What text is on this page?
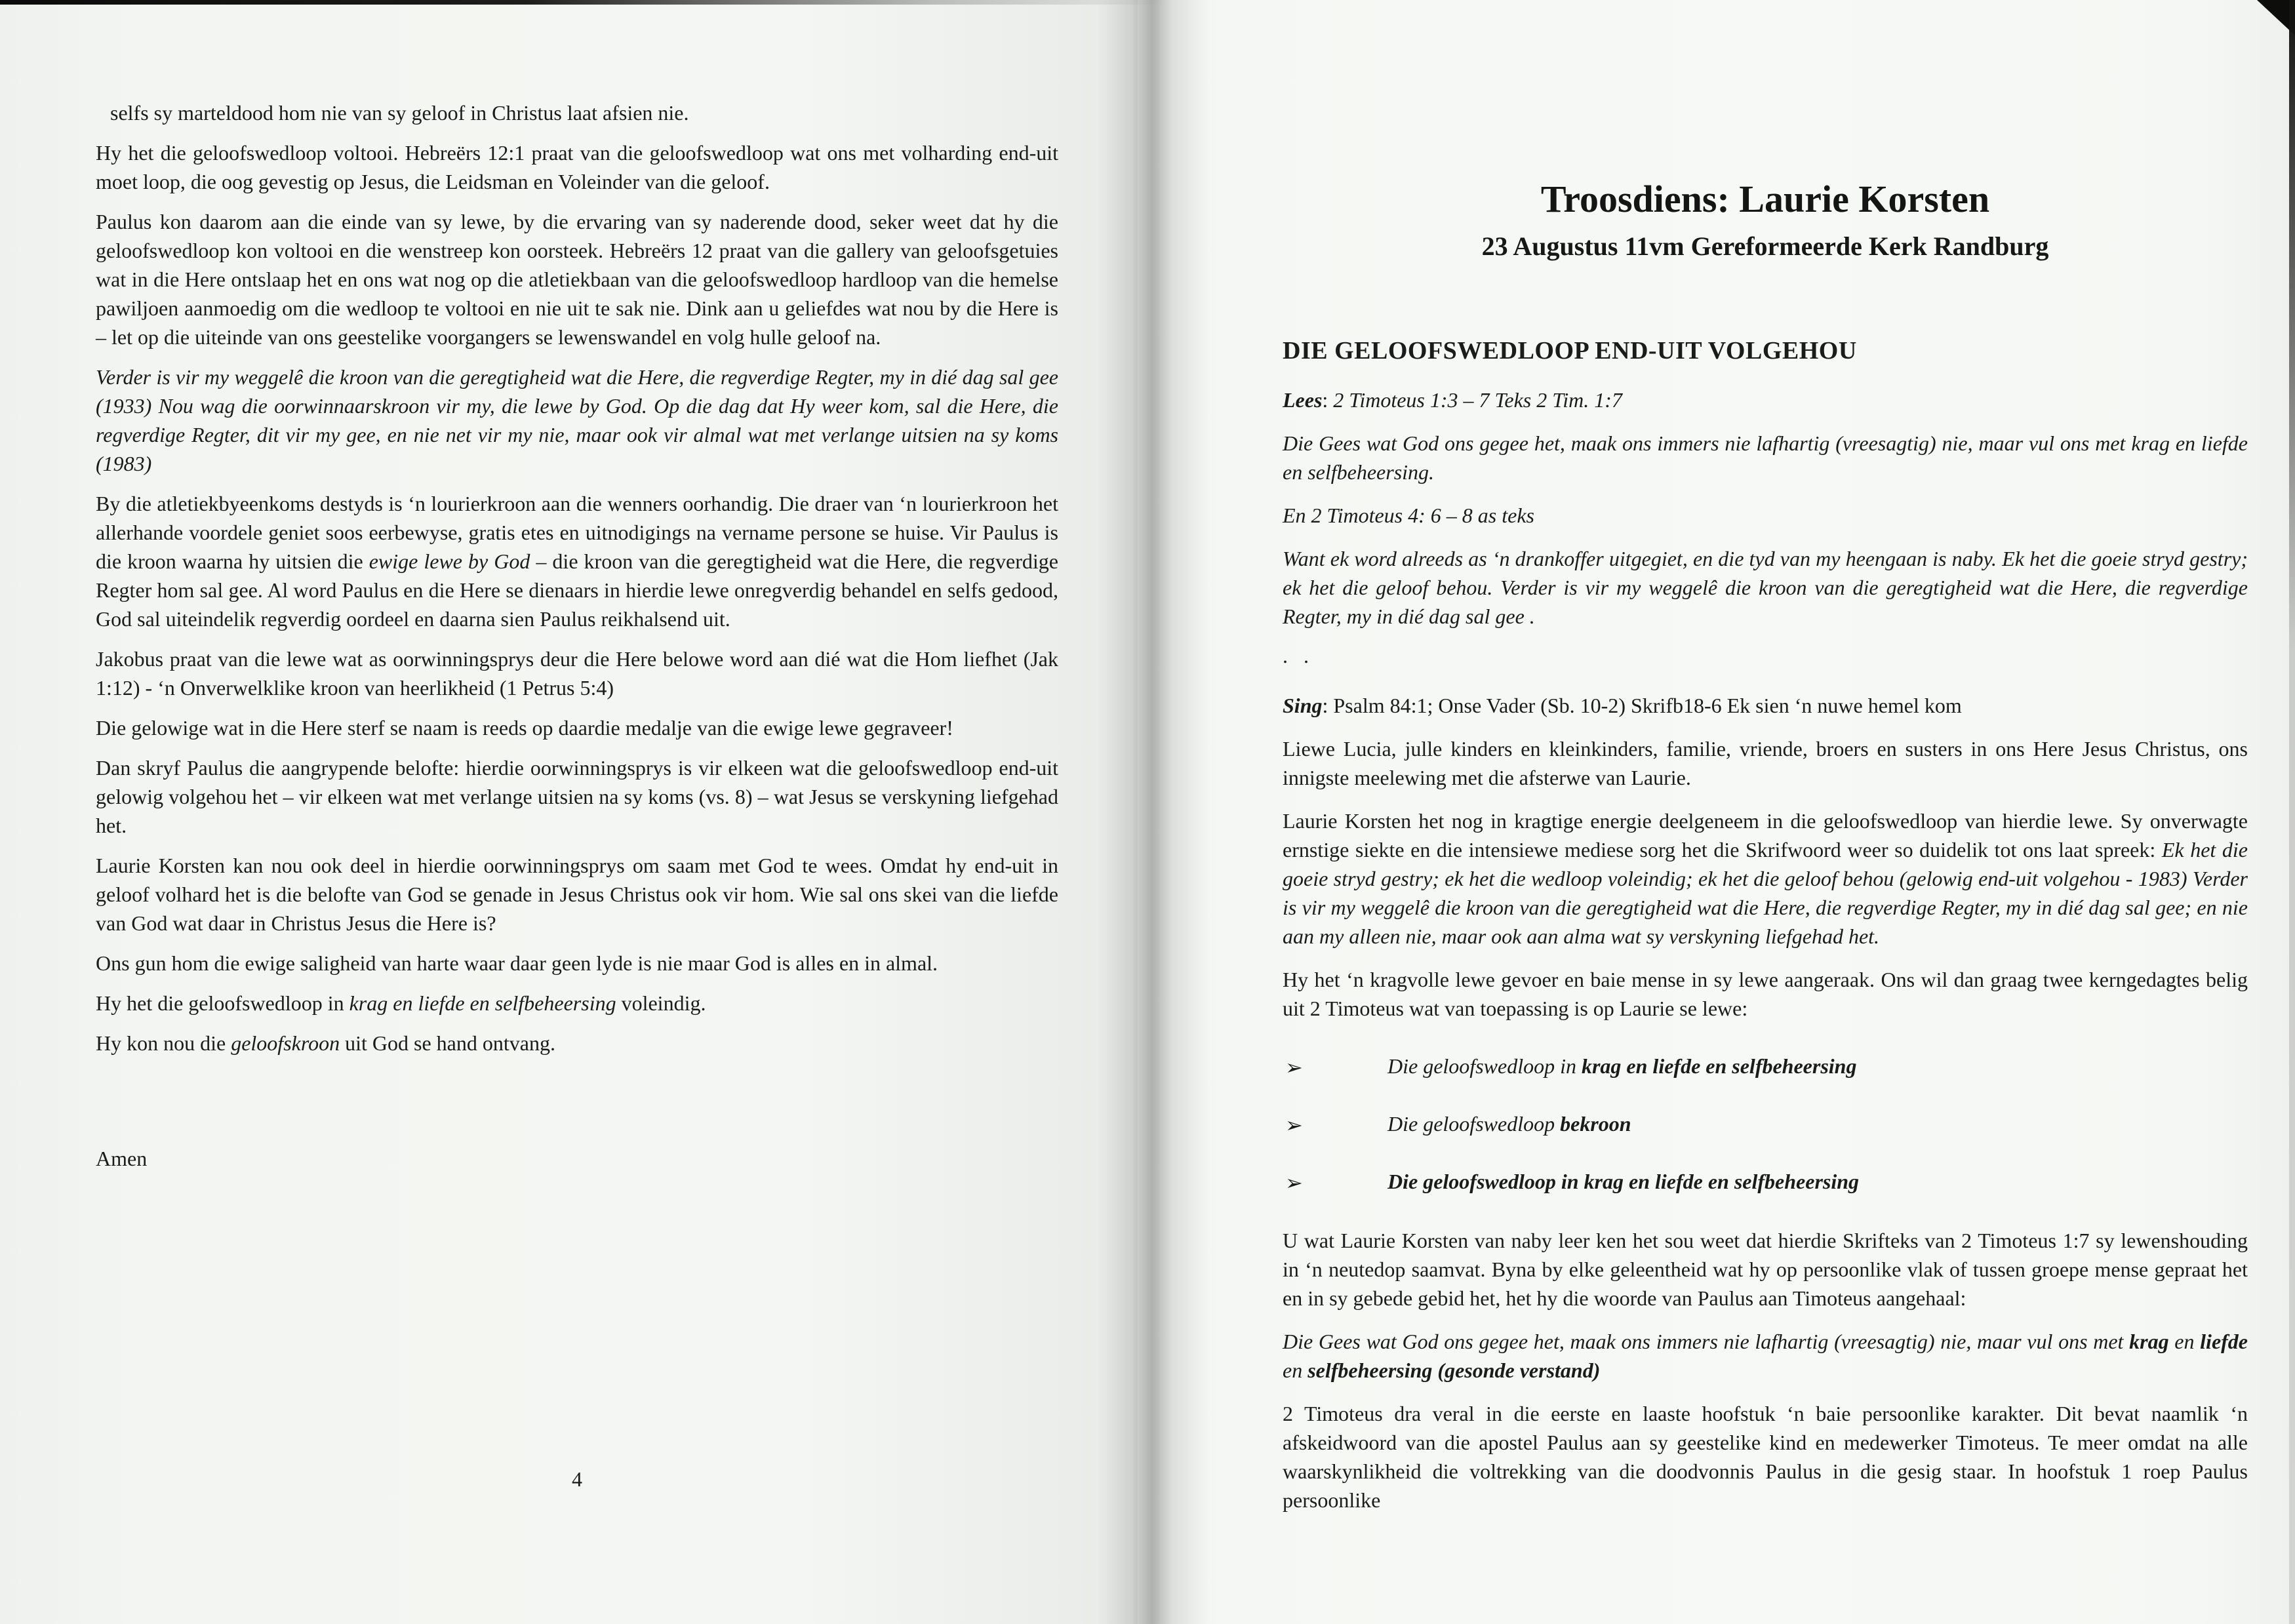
selfs sy marteldood hom nie van sy geloof in Christus laat afsien nie.

Hy het die geloofswedloop voltooi. Hebreërs 12:1 praat van die geloofswedloop wat ons met volharding end-uit moet loop, die oog gevestig op Jesus, die Leidsman en Voleinder van die geloof.

Paulus kon daarom aan die einde van sy lewe, by die ervaring van sy naderende dood, seker weet dat hy die geloofswedloop kon voltooi en die wenstreep kon oorsteek. Hebreërs 12 praat van die gallery van geloofsgetuies wat in die Here ontslaap het en ons wat nog op die atletiekbaan van die geloofswedloop hardloop van die hemelse pawiljoen aanmoedig om die wedloop te voltooi en nie uit te sak nie. Dink aan u geliefdes wat nou by die Here is – let op die uiteinde van ons geestelike voorgangers se lewenswandel en volg hulle geloof na.

Verder is vir my weggelê die kroon van die geregtigheid wat die Here, die regverdige Regter, my in dié dag sal gee (1933) Nou wag die oorwinnaarskroon vir my, die lewe by God. Op die dag dat Hy weer kom, sal die Here, die regverdige Regter, dit vir my gee, en nie net vir my nie, maar ook vir almal wat met verlange uitsien na sy koms (1983)

By die atletiekbyeenkoms destyds is ‘n lourierkroon aan die wenners oorhandig. Die draer van ‘n lourierkroon het allerhande voordele geniet soos eerbewyse, gratis etes en uitnodigings na vername persone se huise. Vir Paulus is die kroon waarna hy uitsien die ewige lewe by God – die kroon van die geregtigheid wat die Here, die regverdige Regter hom sal gee. Al word Paulus en die Here se dienaars in hierdie lewe onregverdig behandel en selfs gedood, God sal uiteindelik regverdig oordeel en daarna sien Paulus reikhalsend uit.

Jakobus praat van die lewe wat as oorwinningsprys deur die Here belowe word aan dié wat die Hom liefhet (Jak 1:12) - ‘n Onverwelklike kroon van heerlikheid (1 Petrus 5:4)

Die gelowige wat in die Here sterf se naam is reeds op daardie medalje van die ewige lewe gegraveer!

Dan skryf Paulus die aangrypende belofte: hierdie oorwinningsprys is vir elkeen wat die geloofswedloop end-uit gelowig volgehou het – vir elkeen wat met verlange uitsien na sy koms (vs. 8) – wat Jesus se verskyning liefgehad het.

Laurie Korsten kan nou ook deel in hierdie oorwinningsprys om saam met God te wees. Omdat hy end-uit in geloof volhard het is die belofte van God se genade in Jesus Christus ook vir hom. Wie sal ons skei van die liefde van God wat daar in Christus Jesus die Here is?

Ons gun hom die ewige saligheid van harte waar daar geen lyde is nie maar God is alles en in almal.

Hy het die geloofswedloop in krag en liefde en selfbeheersing voleindig.

Hy kon nou die geloofskroon uit God se hand ontvang.

Amen

4
Troosdiens: Laurie Korsten
23 Augustus 11vm Gereformeerde Kerk Randburg
DIE GELOOFSWEDLOOP END-UIT VOLGEHOU

Lees: 2 Timoteus 1:3 – 7 Teks 2 Tim. 1:7

Die Gees wat God ons gegee het, maak ons immers nie lafhartig (vreesagtig) nie, maar vul ons met krag en liefde en selfbeheersing.

En 2 Timoteus 4: 6 – 8 as teks

Want ek word alreeds as ‘n drankoffer uitgegiet, en die tyd van my heengaan is naby. Ek het die goeie stryd gestry; ek het die geloof behou. Verder is vir my weggelê die kroon van die geregtigheid wat die Here, die regverdige Regter, my in dié dag sal gee .

. .

Sing: Psalm 84:1; Onse Vader (Sb. 10-2) Skrifb18-6 Ek sien ‘n nuwe hemel kom

Liewe Lucia, julle kinders en kleinkinders, familie, vriende, broers en susters in ons Here Jesus Christus, ons innigste meelewing met die afsterwe van Laurie.

Laurie Korsten het nog in kragtige energie deelgeneem in die geloofswedloop van hierdie lewe. Sy onverwagte ernstige siekte en die intensiewe mediese sorg het die Skrifwoord weer so duidelik tot ons laat spreek: Ek het die goeie stryd gestry; ek het die wedloop voleindig; ek het die geloof behou (gelowig end-uit volgehou - 1983) Verder is vir my weggelê die kroon van die geregtigheid wat die Here, die regverdige Regter, my in dié dag sal gee; en nie aan my alleen nie, maar ook aan alma wat sy verskyning liefgehad het.

Hy het ‘n kragvolle lewe gevoer en baie mense in sy lewe aangeraak. Ons wil dan graag twee kerngedagtes belig uit 2 Timoteus wat van toepassing is op Laurie se lewe:

➢	Die geloofswedloop in krag en liefde en selfbeheersing
➢	Die geloofswedloop bekroon
➢	Die geloofswedloop in krag en liefde en selfbeheersing

U wat Laurie Korsten van naby leer ken het sou weet dat hierdie Skrifteks van 2 Timoteus 1:7 sy lewenshouding in ‘n neutedop saamvat. Byna by elke geleentheid wat hy op persoonlike vlak of tussen groepe mense gepraat het en in sy gebede gebid het, het hy die woorde van Paulus aan Timoteus aangehaal:

Die Gees wat God ons gegee het, maak ons immers nie lafhartig (vreesagtig) nie, maar vul ons met krag en liefde en selfbeheersing (gesonde verstand)

2 Timoteus dra veral in die eerste en laaste hoofstuk ‘n baie persoonlike karakter. Dit bevat naamlik ‘n afskeidwoord van die apostel Paulus aan sy geestelike kind en medewerker Timoteus. Te meer omdat na alle waarskynlikheid die voltrekking van die doodvonnis Paulus in die gesig staar. In hoofstuk 1 roep Paulus persoonlike
